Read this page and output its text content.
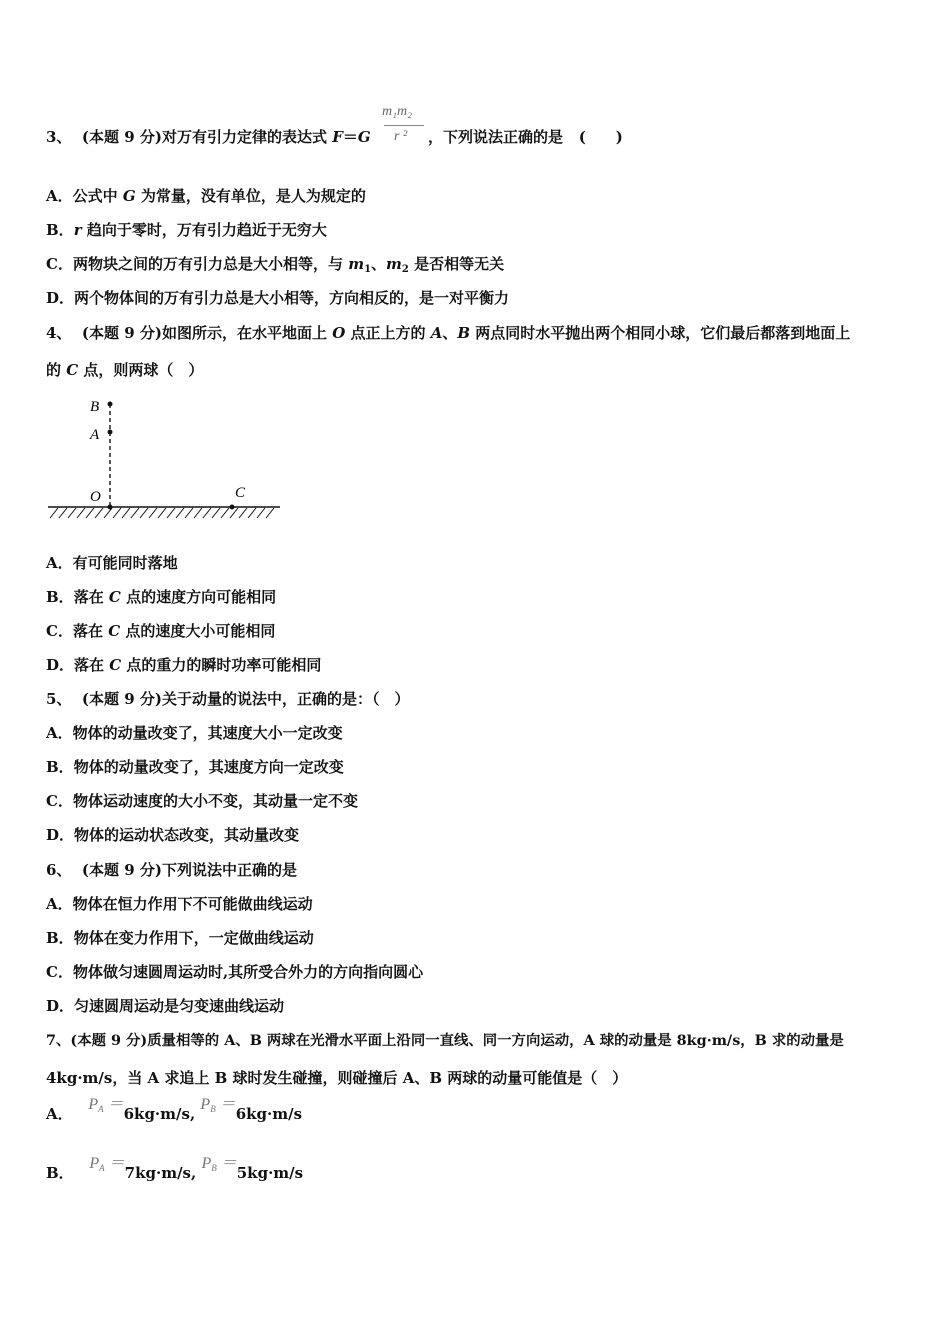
3、 (本题 9 分)对万有引力定律的表达式 F＝G
m₁m₂
r ² ，下列说法正确的是 (　　)
A．公式中 G 为常量，没有单位，是人为规定的
B．r 趋向于零时，万有引力趋近于无穷大
C．两物块之间的万有引力总是大小相等，与 $m_1$、$m_2$ 是否相等无关
D．两个物体间的万有引力总是大小相等，方向相反的，是一对平衡力
4、 (本题 9 分)如图所示，在水平地面上 O 点正上方的 A、B 两点同时水平抛出两个相同小球，它们最后都落到地面上
的 C 点，则两球（　）
B
A
O	C
A．有可能同时落地
B．落在 C 点的速度方向可能相同
C．落在 C 点的速度大小可能相同
D．落在 C 点的重力的瞬时功率可能相同
5、 (本题 9 分)关于动量的说法中，正确的是：（　）
A．物体的动量改变了，其速度大小一定改变
B．物体的动量改变了，其速度方向一定改变
C．物体运动速度的大小不变，其动量一定不变
D．物体的运动状态改变，其动量改变
6、 (本题 9 分)下列说法中正确的是
A．物体在恒力作用下不可能做曲线运动
B．物体在变力作用下，一定做曲线运动
C．物体做匀速圆周运动时,其所受合外力的方向指向圆心
D．匀速圆周运动是匀变速曲线运动
7、(本题 9 分)质量相等的 A、B 两球在光滑水平面上沿同一直线、同一方向运动，A 球的动量是 8kg·m/s，B 求的动量是
4kg·m/s，当 A 求追上 B 球时发生碰撞，则碰撞后 A、B 两球的动量可能值是（　）
A．   $P_A =6kg\cdot m/s$, $P_B =6kg\cdot m/s$
B．   $P_A =7kg\cdot m/s$, $P_B =5kg\cdot m/s$
